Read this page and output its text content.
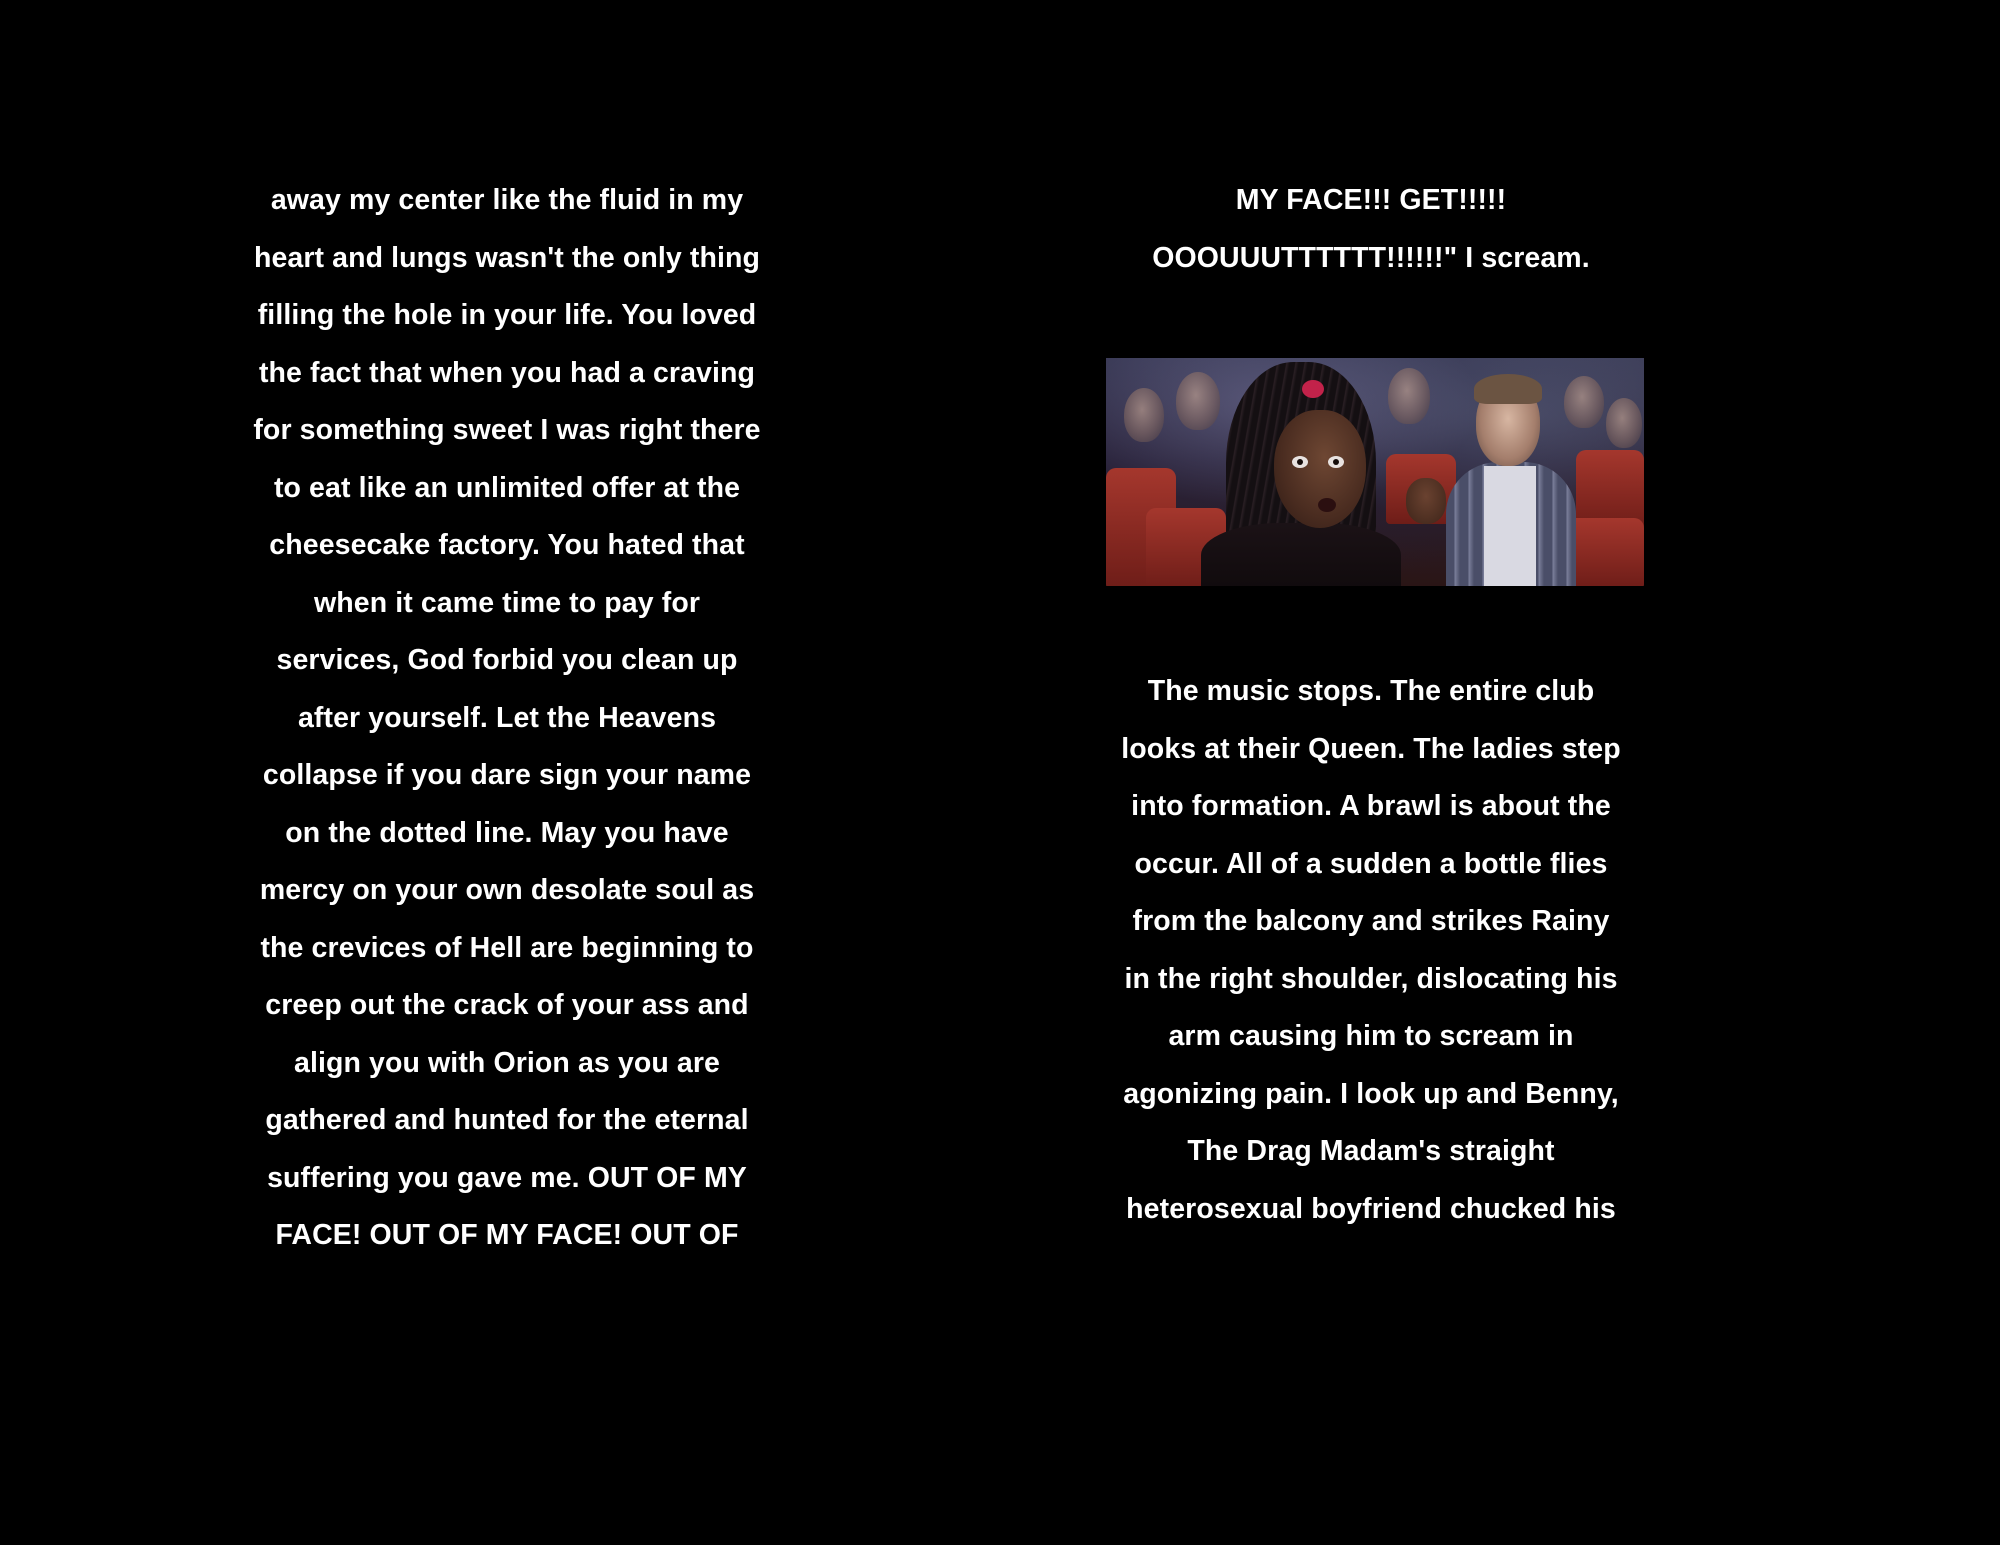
away my center like the fluid in my
heart and lungs wasn't the only thing
filling the hole in your life. You loved
the fact that when you had a craving
for something sweet I was right there
to eat like an unlimited offer at the
cheesecake factory. You hated that
when it came time to pay for
services, God forbid you clean up
after yourself. Let the Heavens
collapse if you dare sign your name
on the dotted line. May you have
mercy on your own desolate soul as
the crevices of Hell are beginning to
creep out the crack of your ass and
align you with Orion as you are
gathered and hunted for the eternal
suffering you gave me. OUT OF MY
FACE! OUT OF MY FACE! OUT OF
MY FACE!!! GET!!!!!
OOOUUUTTTTTT!!!!!!" I scream.
The music stops. The entire club
looks at their Queen. The ladies step
into formation. A brawl is about the
occur. All of a sudden a bottle flies
from the balcony and strikes Rainy
in the right shoulder, dislocating his
arm causing him to scream in
agonizing pain. I look up and Benny,
The Drag Madam's straight
heterosexual boyfriend chucked his
